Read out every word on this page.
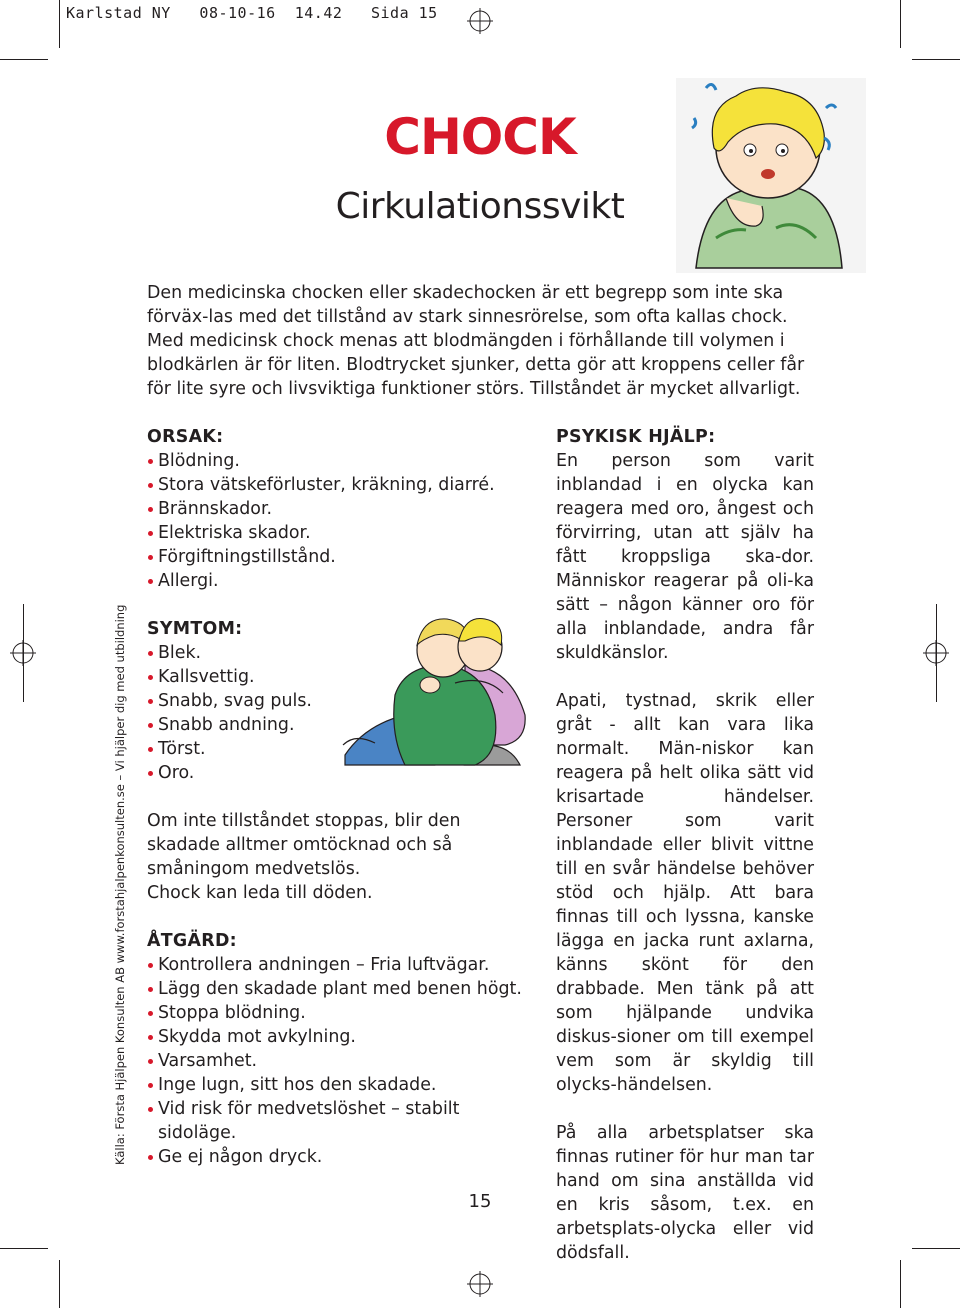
Karlstad NY   08-10-16  14.42   Sida 15
CHOCK
Cirkulationssvikt

Den medicinska chocken eller skadechocken är ett begrepp som inte ska förväx-las med det tillstånd av stark sinnesrörelse, som ofta kallas chock. Med medicinsk chock menas att blodmängden i förhållande till volymen i blodkärlen är för liten. Blodtrycket sjunker, detta gör att kroppens celler får för lite syre och livsviktiga funktioner störs. Tillståndet är mycket allvarligt.

ORSAK:

Blödning.
Stora vätskeförluster, kräkning, diarré.
Brännskador.
Elektriska skador.
Förgiftningstillstånd.
Allergi.

SYMTOM:

Blek.
Kallsvettig.
Snabb, svag puls.
Snabb andning.
Törst.
Oro.

Om inte tillståndet stoppas, blir den skadade alltmer omtöcknad och så småningom medvetslös.

Chock kan leda till döden.

ÅTGÄRD:

Kontrollera andningen – Fria luftvägar.
Lägg den skadade plant med benen högt.
Stoppa blödning.
Skydda mot avkylning.
Varsamhet.
Inge lugn, sitt hos den skadade.
Vid risk för medvetslöshet – stabilt sidoläge.
Ge ej någon dryck.

PSYKISK HJÄLP:

En person som varit inblandad i en olycka kan reagera med oro, ångest och förvirring, utan att själv ha fått kroppsliga ska-dor. Människor reagerar på oli-ka sätt – någon känner oro för alla inblandade, andra får skuldkänslor.

Apati, tystnad, skrik eller gråt - allt kan vara lika normalt. Män-niskor kan reagera på helt olika sätt vid krisartade händelser. Personer som varit inblandade eller blivit vittne till en svår händelse behöver stöd och hjälp. Att bara finnas till och lyssna, kanske lägga en jacka runt axlarna, känns skönt för den drabbade. Men tänk på att som hjälpande undvika diskus-sioner om till exempel vem som är skyldig till olycks-händelsen.

På alla arbetsplatser ska finnas rutiner för hur man tar hand om sina anställda vid en kris såsom, t.ex. en arbetsplats-olycka eller vid dödsfall.

Källa: Första Hjälpen Konsulten AB www.forstahjalpenkonsulten.se – Vi hjälper dig med utbildning
15
